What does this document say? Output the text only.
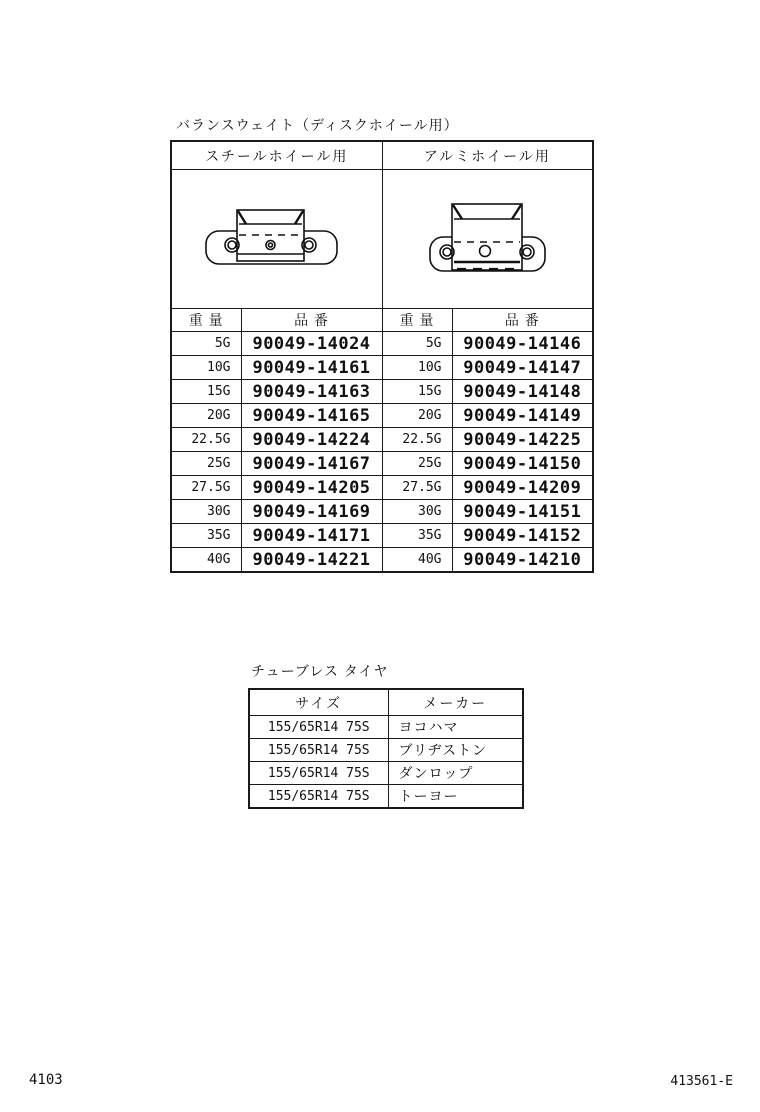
バランスウェイト（ディスクホイール用）
スチールホイール用		アルミホイール用	

重 量	品 番	重 量	品 番
5G	90049-14024	5G	90049-14146
10G	90049-14161	10G	90049-14147
15G	90049-14163	15G	90049-14148
20G	90049-14165	20G	90049-14149
22.5G	90049-14224	22.5G	90049-14225
25G	90049-14167	25G	90049-14150
27.5G	90049-14205	27.5G	90049-14209
30G	90049-14169	30G	90049-14151
35G	90049-14171	35G	90049-14152
40G	90049-14221	40G	90049-14210
チューブレス タイヤ
サイズ	メーカー
155/65R14 75S	ヨコハマ
155/65R14 75S	ブリヂストン
155/65R14 75S	ダンロップ
155/65R14 75S	トーヨー
4103	413561-E
